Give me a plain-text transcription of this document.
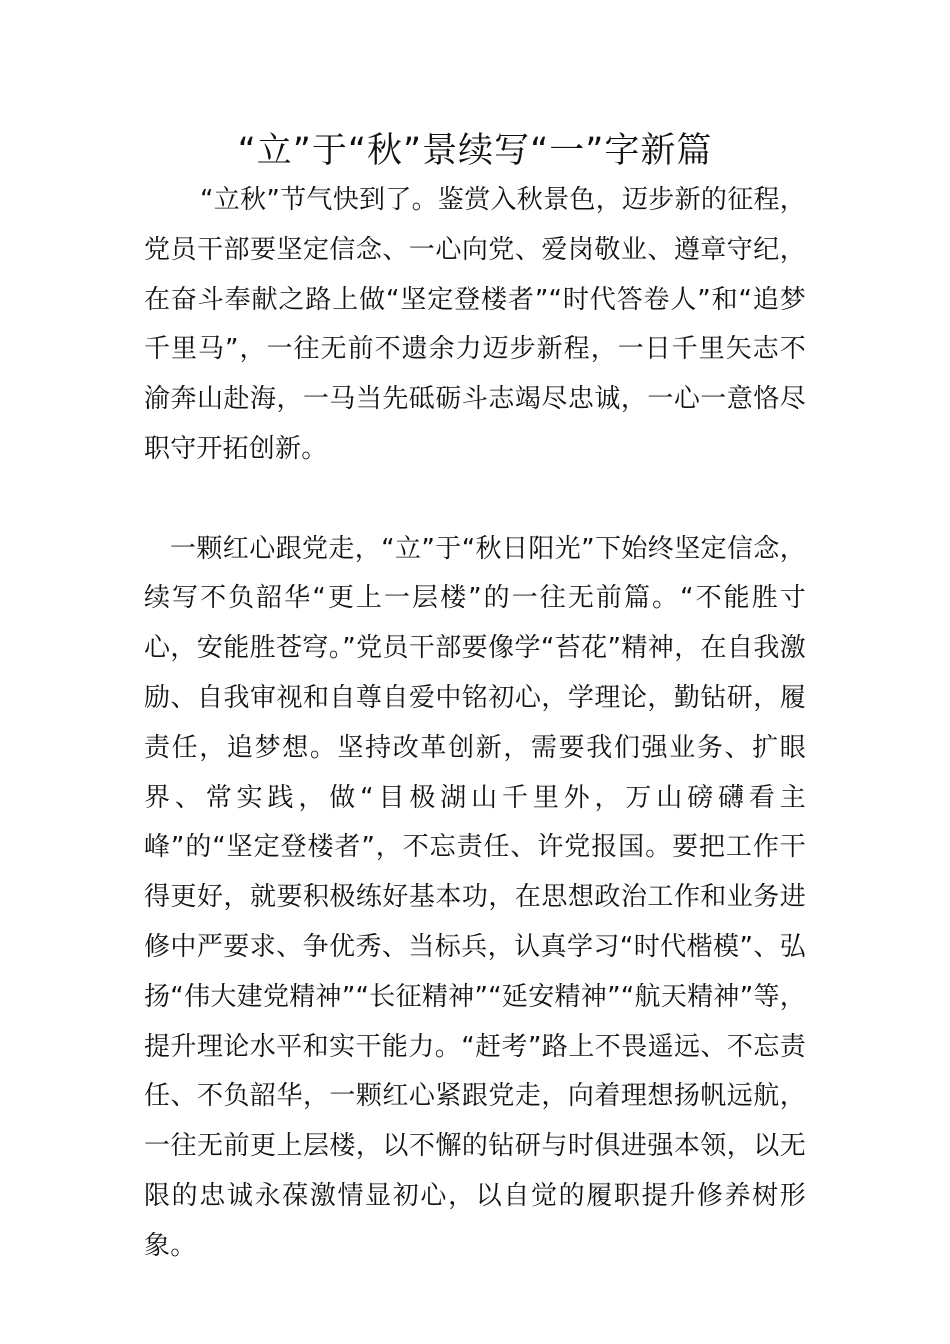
“立”于“秋”景续写“一”字新篇

“立秋”节气快到了。鉴赏入秋景色，迈步新的征程，党员干部要坚定信念、一心向党、爱岗敬业、遵章守纪，在奋斗奉献之路上做“坚定登楼者”“时代答卷人”和“追梦千里马”，一往无前不遗余力迈步新程，一日千里矢志不渝奔山赴海，一马当先砥砺斗志竭尽忠诚，一心一意恪尽职守开拓创新。

一颗红心跟党走，“立”于“秋日阳光”下始终坚定信念，续写不负韶华“更上一层楼”的一往无前篇。“不能胜寸心，安能胜苍穹。”党员干部要像学“苔花”精神，在自我激励、自我审视和自尊自爱中铭初心，学理论，勤钻研，履责任，追梦想。坚持改革创新，需要我们强业务、扩眼界、常实践，做“目极湖山千里外，万山磅礴看主峰”的“坚定登楼者”，不忘责任、许党报国。要把工作干得更好，就要积极练好基本功，在思想政治工作和业务进修中严要求、争优秀、当标兵，认真学习“时代楷模”、弘扬“伟大建党精神”“长征精神”“延安精神”“航天精神”等，提升理论水平和实干能力。“赶考”路上不畏遥远、不忘责任、不负韶华，一颗红心紧跟党走，向着理想扬帆远航，一往无前更上层楼，以不懈的钻研与时俱进强本领，以无限的忠诚永葆激情显初心，以自觉的履职提升修养树形象。
